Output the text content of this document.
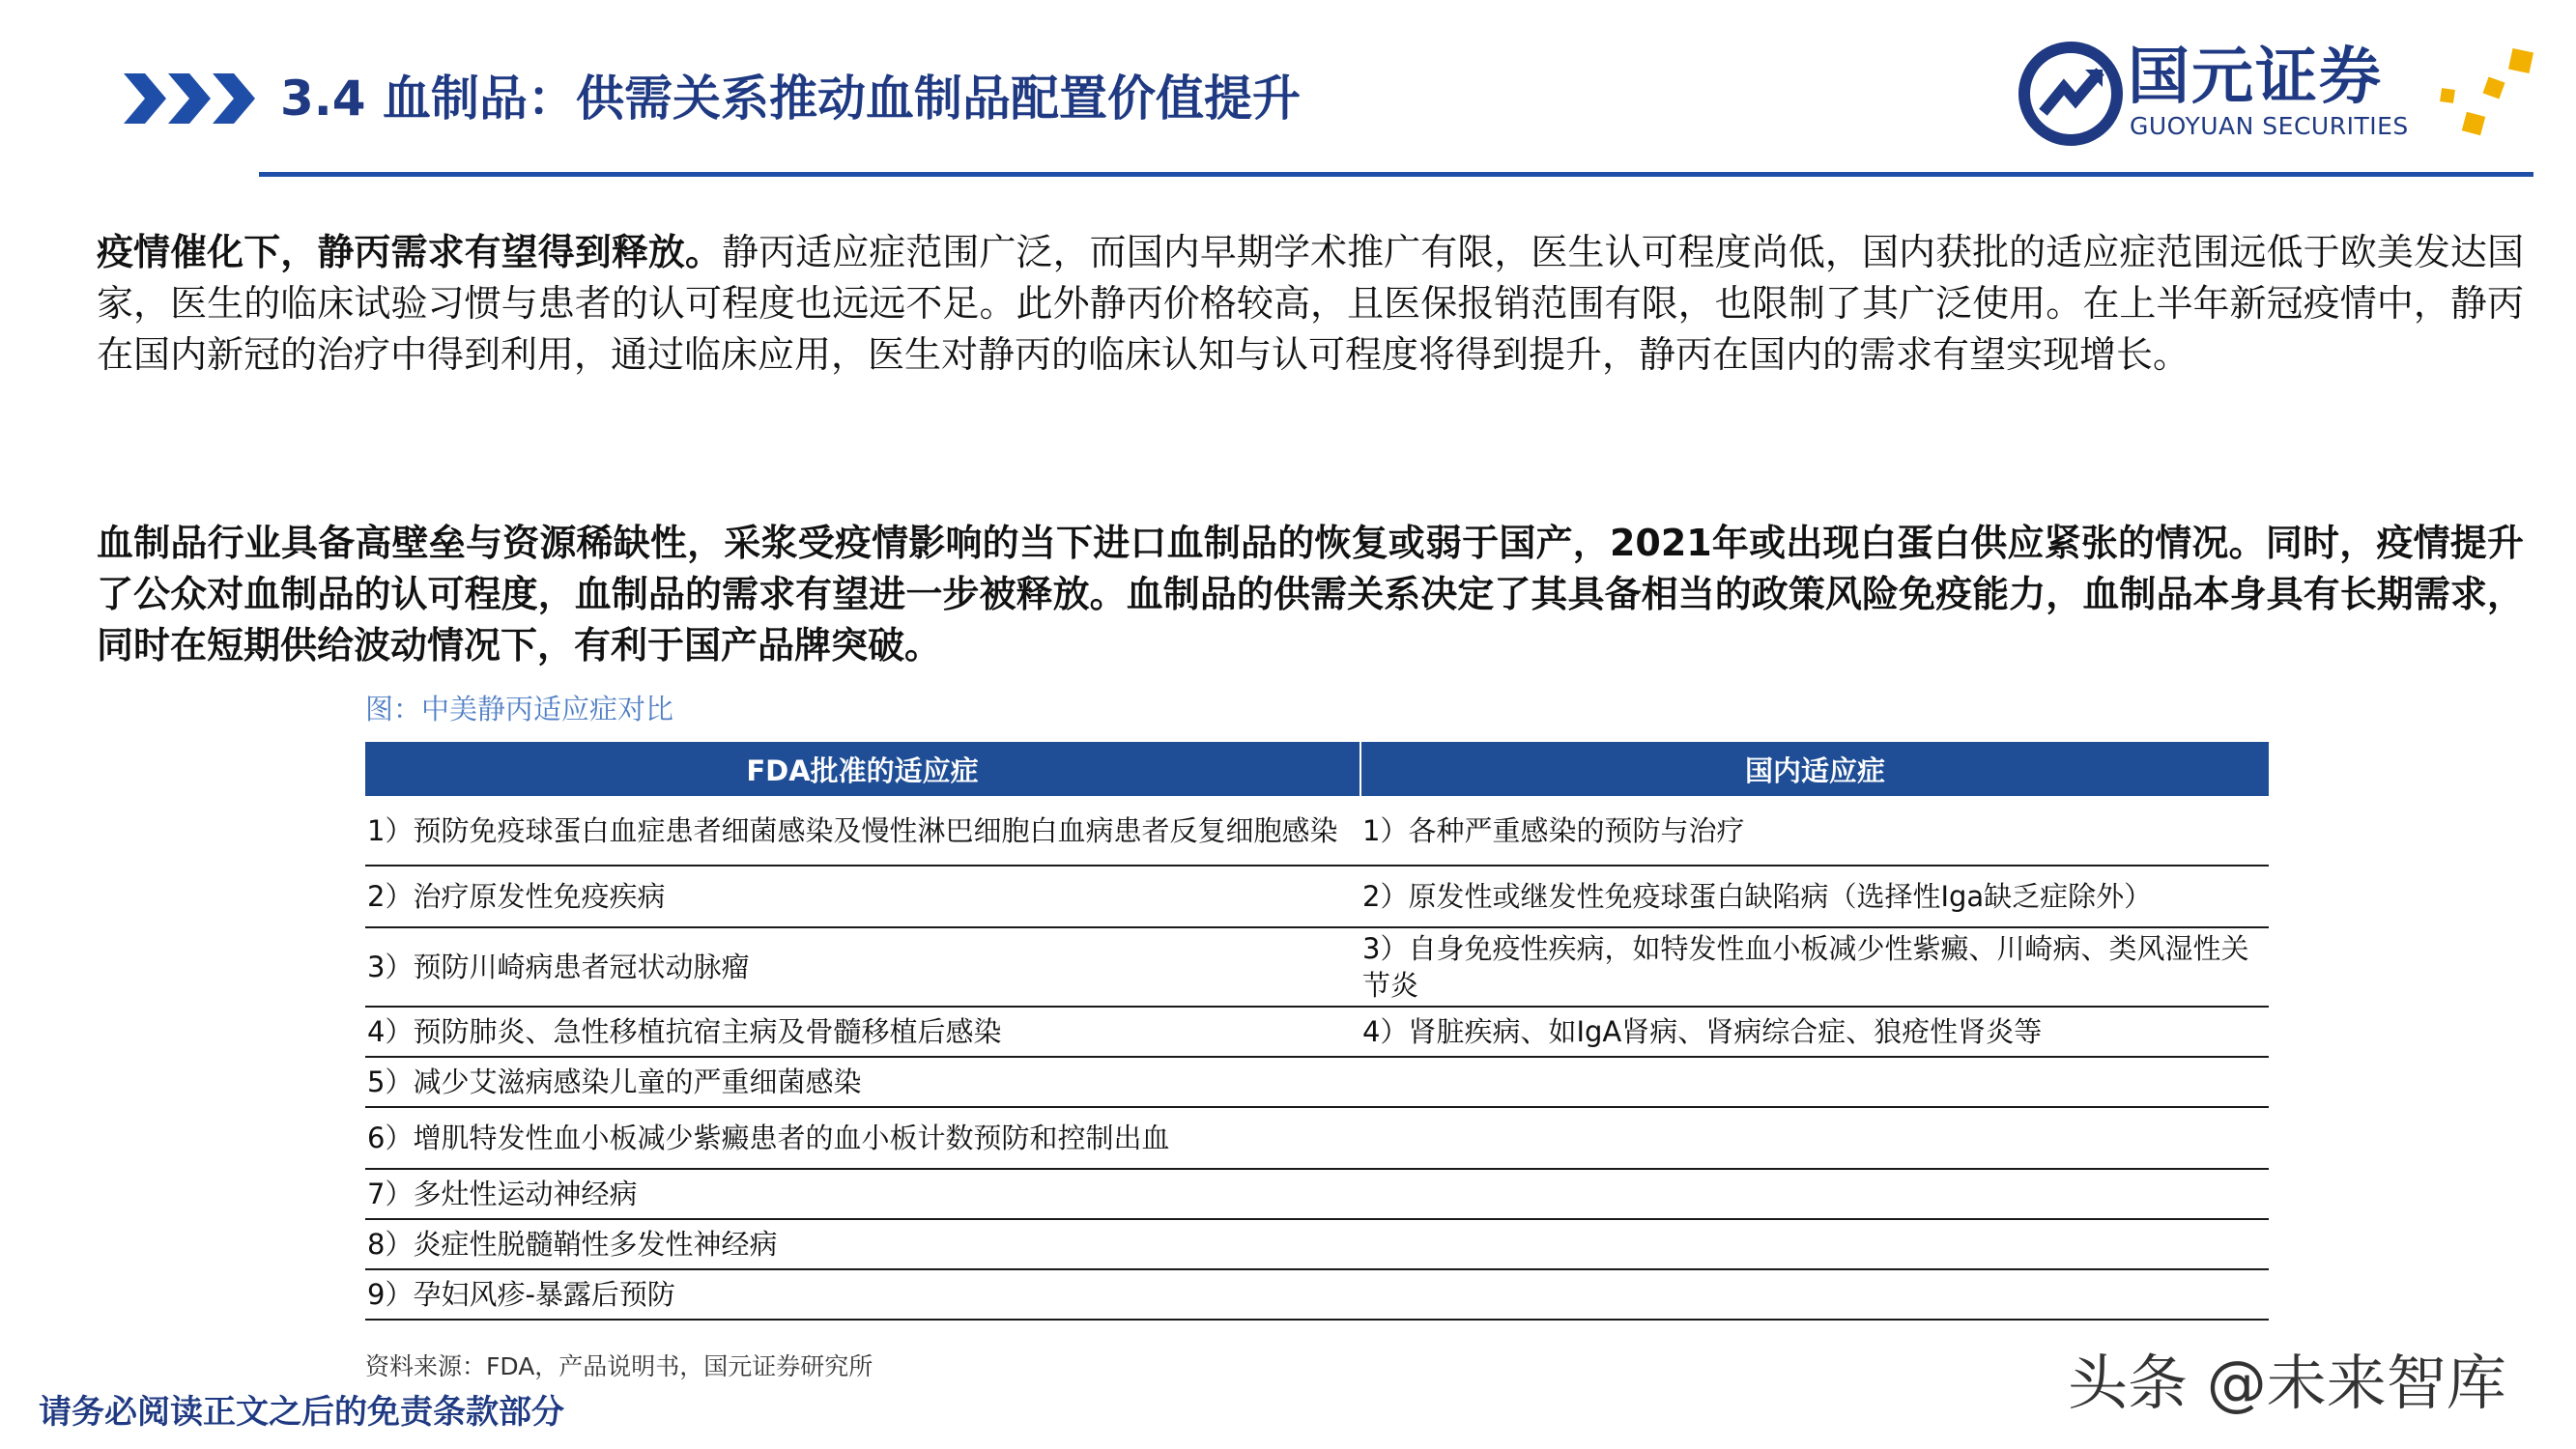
3.4 血制品：供需关系推动血制品配置价值提升	国元证券
GUOYUAN SECURITIES
疫情催化下，静丙需求有望得到释放。静丙适应症范围广泛，而国内早期学术推广有限，医生认可程度尚低，国内获批的适应症范围远低于欧美发达国家，医生的临床试验习惯与患者的认可程度也远远不足。此外静丙价格较高，且医保报销范围有限，也限制了其广泛使用。在上半年新冠疫情中，静丙在国内新冠的治疗中得到利用，通过临床应用，医生对静丙的临床认知与认可程度将得到提升，静丙在国内的需求有望实现增长。
血制品行业具备高壁垒与资源稀缺性，采浆受疫情影响的当下进口血制品的恢复或弱于国产，2021年或出现白蛋白供应紧张的情况。同时，疫情提升了公众对血制品的认可程度，血制品的需求有望进一步被释放。血制品的供需关系决定了其具备相当的政策风险免疫能力，血制品本身具有长期需求，同时在短期供给波动情况下，有利于国产品牌突破。
图：中美静丙适应症对比
FDA批准的适应症	国内适应症
1）预防免疫球蛋白血症患者细菌感染及慢性淋巴细胞白血病患者反复细胞感染	1）各种严重感染的预防与治疗
2）治疗原发性免疫疾病	2）原发性或继发性免疫球蛋白缺陷病（选择性Iga缺乏症除外）
3）预防川崎病患者冠状动脉瘤	3）自身免疫性疾病，如特发性血小板减少性紫癜、川崎病、类风湿性关节炎
4）预防肺炎、急性移植抗宿主病及骨髓移植后感染	4）肾脏疾病、如IgA肾病、肾病综合症、狼疮性肾炎等
5）减少艾滋病感染儿童的严重细菌感染	
6）增肌特发性血小板减少紫癜患者的血小板计数预防和控制出血	
7）多灶性运动神经病	
8）炎症性脱髓鞘性多发性神经病	
9）孕妇风疹-暴露后预防	
资料来源：FDA，产品说明书，国元证券研究所
请务必阅读正文之后的免责条款部分	头条 @未来智库
